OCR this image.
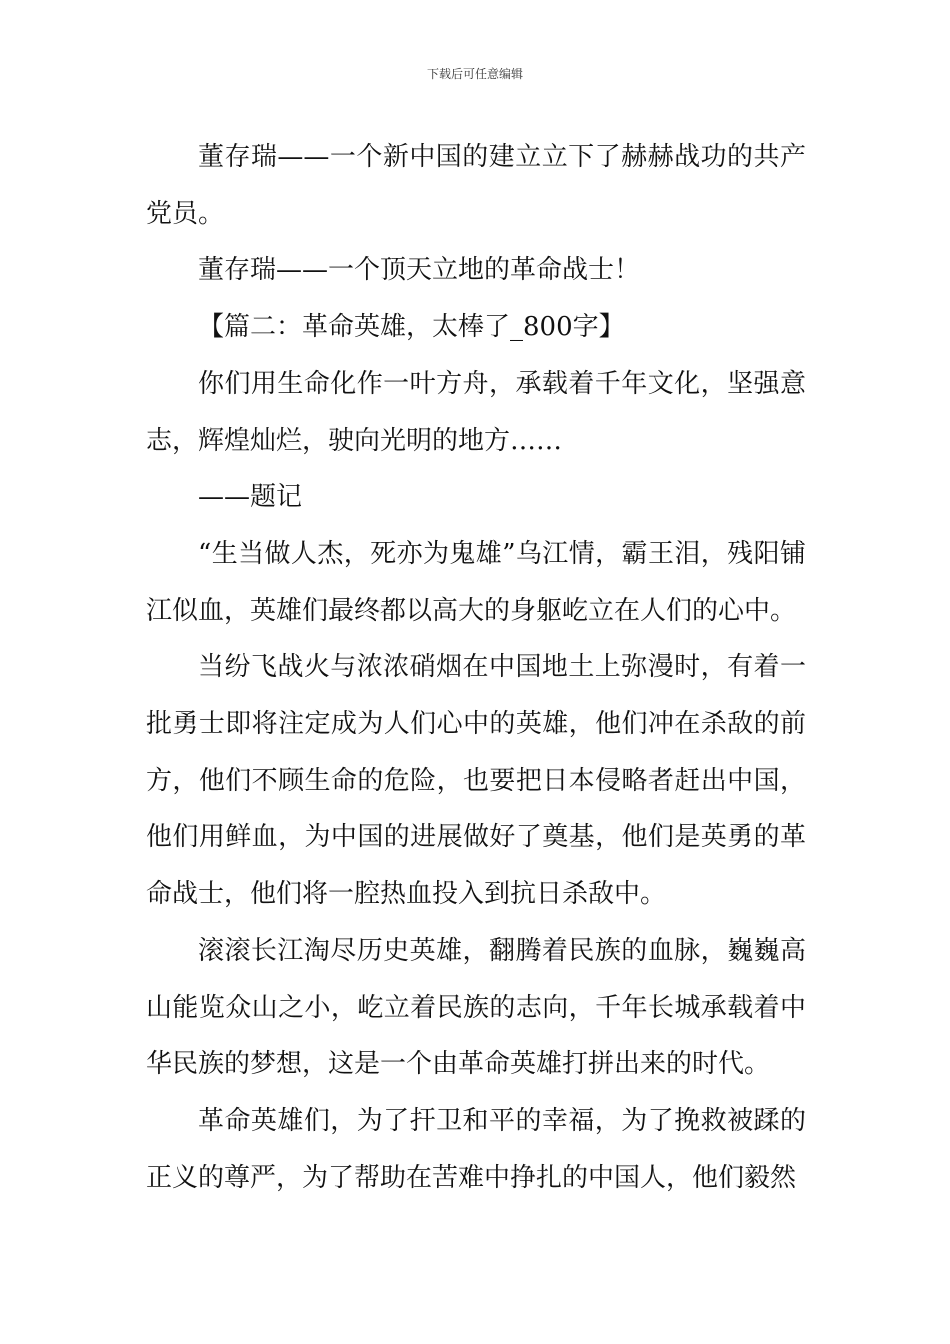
下载后可任意编辑

董存瑞——一个新中国的建立立下了赫赫战功的共产党员。

董存瑞——一个顶天立地的革命战士！

【篇二：革命英雄，太棒了_800字】

你们用生命化作一叶方舟，承载着千年文化，坚强意志，辉煌灿烂，驶向光明的地方……

——题记

“生当做人杰，死亦为鬼雄”乌江情，霸王泪，残阳铺江似血，英雄们最终都以高大的身躯屹立在人们的心中。

当纷飞战火与浓浓硝烟在中国地土上弥漫时，有着一批勇士即将注定成为人们心中的英雄，他们冲在杀敌的前方，他们不顾生命的危险，也要把日本侵略者赶出中国，他们用鲜血，为中国的进展做好了奠基，他们是英勇的革命战士，他们将一腔热血投入到抗日杀敌中。

滚滚长江淘尽历史英雄，翻腾着民族的血脉，巍巍高山能览众山之小，屹立着民族的志向，千年长城承载着中华民族的梦想，这是一个由革命英雄打拼出来的时代。

革命英雄们，为了扞卫和平的幸福，为了挽救被蹂的正义的尊严，为了帮助在苦难中挣扎的中国人，他们毅然
